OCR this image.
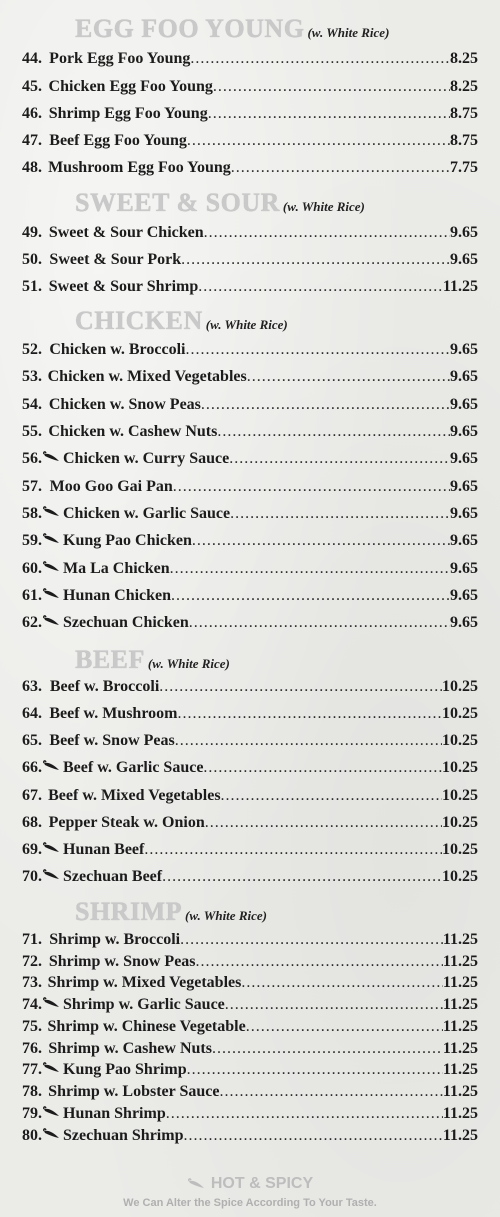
EGG FOO YOUNG (w. White Rice)
SWEET & SOUR (w. White Rice)
CHICKEN (w. White Rice)
BEEF (w. White Rice)
SHRIMP (w. White Rice)
44. Pork Egg Foo Young .....	8.25
45. Chicken Egg Foo Young .....	8.25
46. Shrimp Egg Foo Young .....	8.75
47. Beef Egg Foo Young .....	8.75
48. Mushroom Egg Foo Young .....	7.75
49. Sweet & Sour Chicken .....	9.65
50. Sweet & Sour Pork .....	9.65
51. Sweet & Sour Shrimp .....	11.25
52. Chicken w. Broccoli .....	9.65
53. Chicken w. Mixed Vegetables .....	9.65
54. Chicken w. Snow Peas .....	9.65
55. Chicken w. Cashew Nuts .....	9.65
56. Chicken w. Curry Sauce .....	9.65
57. Moo Goo Gai Pan .....	9.65
58. Chicken w. Garlic Sauce .....	9.65
59. Kung Pao Chicken .....	9.65
60. Ma La Chicken .....	9.65
61. Hunan Chicken .....	9.65
62. Szechuan Chicken .....	9.65
63. Beef w. Broccoli .....	10.25
64. Beef w. Mushroom .....	10.25
65. Beef w. Snow Peas .....	10.25
66. Beef w. Garlic Sauce .....	10.25
67. Beef w. Mixed Vegetables .....	10.25
68. Pepper Steak w. Onion .....	10.25
69. Hunan Beef .....	10.25
70. Szechuan Beef .....	10.25
71. Shrimp w. Broccoli .....	11.25
72. Shrimp w. Snow Peas .....	11.25
73. Shrimp w. Mixed Vegetables .....	11.25
74. Shrimp w. Garlic Sauce .....	11.25
75. Shrimp w. Chinese Vegetable .....	11.25
76. Shrimp w. Cashew Nuts .....	11.25
77. Kung Pao Shrimp .....	11.25
78. Shrimp w. Lobster Sauce .....	11.25
79. Hunan Shrimp .....	11.25
80. Szechuan Shrimp .....	11.25
HOT & SPICY
We Can Alter the Spice According To Your Taste.
